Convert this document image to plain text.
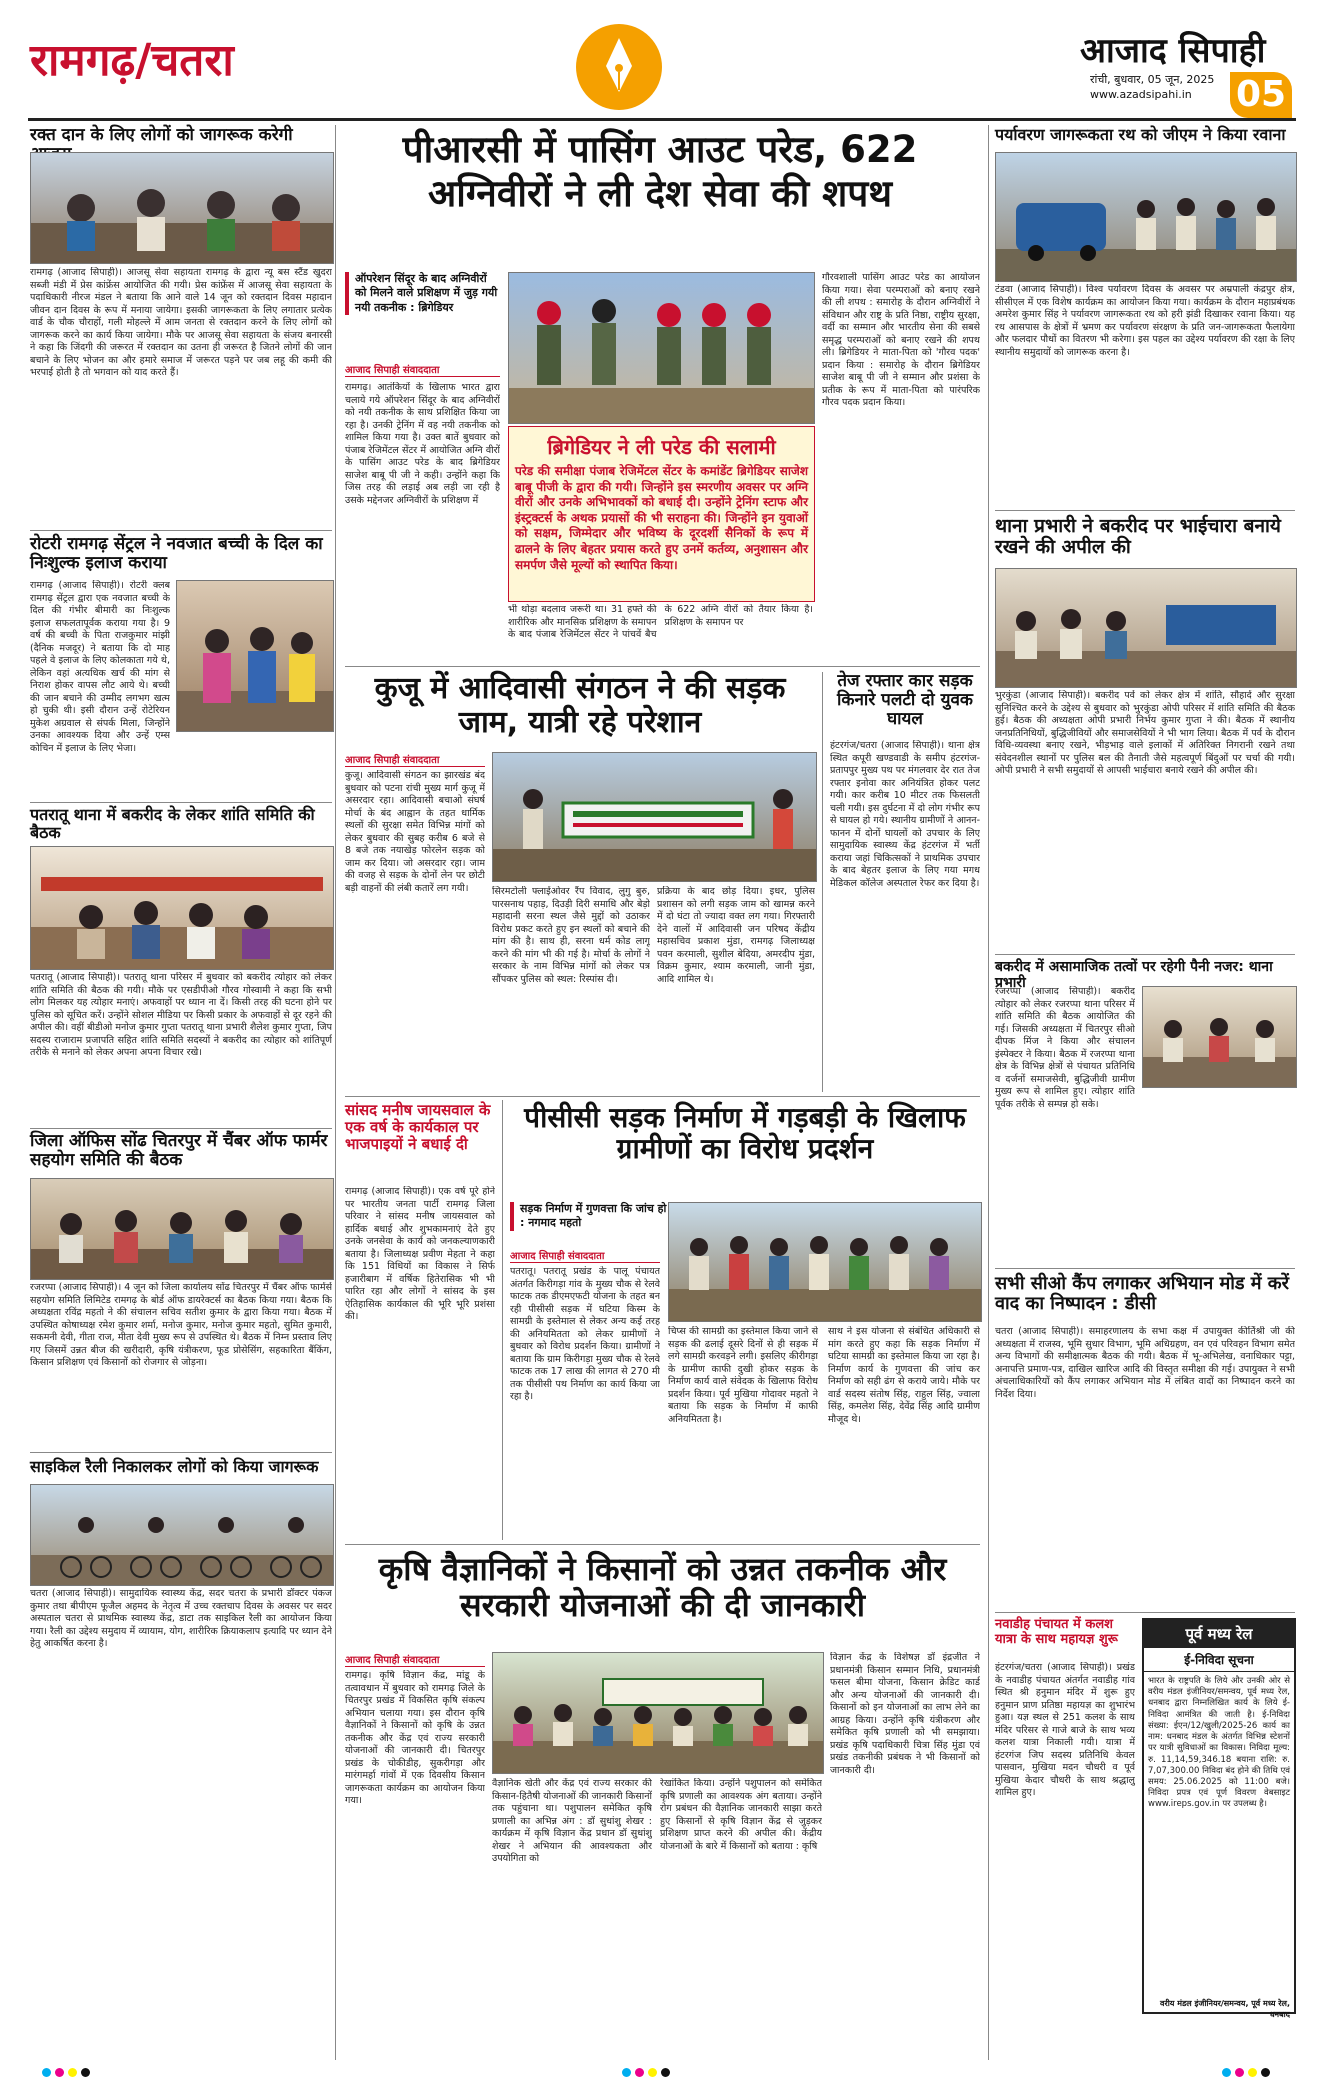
रामगढ़/चतरा	आजाद सिपाही
रांची, बुधवार, 05 जून, 2025
www.azadsipahi.in 05
रक्त दान के लिए लोगों को जागरूक करेगी
रामगढ़ (आजाद सिपाही)। आजसू सेवा सहायता रामगढ़ के द्वारा न्यू बस स्टैंड खुदरा सब्जी मंडी में प्रेस कांफ्रेंस आयोजित की गयी। प्रेस कांफ्रेंस में आजसू सेवा सहायता के पदाधिकारी नीरज मंडल ने बताया कि आने वाले 14 जून को रक्तदान दिवस महादान जीवन दान दिवस के रूप में मनाया जायेगा। इसकी जागरूकता के लिए लगातार प्रत्येक वार्ड के चौक चौराहों, गली मोहल्ले में आम जनता से रक्तदान करने के लिए लोगों को जागरूक करने का कार्य किया जायेगा। मौके पर आजसू सेवा सहायता के संजय बनारसी ने कहा कि जिंदगी की जरूरत में रक्तदान का उतना ही जरूरत है जितने लोगों की जान बचाने के लिए भोजन का और हमारे समाज में जरूरत पड़ने पर जब लहू की कमी की भरपाई होती है तो भगवान को याद करते हैं।
रोटरी रामगढ़ सेंट्रल ने नवजात बच्ची के दिल का निःशुल्क इलाज कराया
रामगढ़ (आजाद सिपाही)। रोटरी क्लब रामगढ़ सेंट्रल द्वारा एक नवजात बच्ची के दिल की गंभीर बीमारी का निःशुल्क इलाज सफलतापूर्वक कराया गया है। 9 वर्ष की बच्ची के पिता राजकुमार मांझी (दैनिक मजदूर) ने बताया कि दो माह पहले वे इलाज के लिए कोलकाता गये थे, लेकिन वहां अत्यधिक खर्च की मांग से निराश होकर वापस लौट आये थे। बच्ची की जान बचाने की उम्मीद लगभग खत्म हो चुकी थी। इसी दौरान उन्हें रोटेरियन मुकेश अग्रवाल से संपर्क मिला, जिन्होंने उनका आवश्यक दिया और उन्हें एम्स कोचिन में इलाज के लिए भेजा।
पतरातू थाना में बकरीद के लेकर शांति समिति की बैठक
पतरातू (आजाद सिपाही)। पतरातू थाना परिसर में बुधवार को बकरीद त्योहार को लेकर शांति समिति की बैठक की गयी। मौके पर एसडीपीओ गौरव गोस्वामी ने कहा कि सभी लोग मिलकर यह त्योहार मनाएं। अफवाहों पर ध्यान ना दें। किसी तरह की घटना होने पर पुलिस को सूचित करें। उन्होंने सोशल मीडिया पर किसी प्रकार के अफवाहों से दूर रहने की अपील की। वहीं बीडीओ मनोज कुमार गुप्ता पतरातू थाना प्रभारी शैलेश कुमार गुप्ता, जिप सदस्य राजाराम प्रजापति सहित शांति समिति सदस्यों ने बकरीद का त्योहार को शांतिपूर्ण तरीके से मनाने को लेकर अपना अपना विचार रखे।
जिला ऑफिस सोंढ चितरपुर में चैंबर ऑफ फार्मर सहयोग समिति की बैठक
रजरप्पा (आजाद सिपाही)। 4 जून को जिला कार्यालय सोंढ चितरपुर में चैंबर ऑफ फार्मर्स सहयोग समिति लिमिटेड रामगढ़ के बोर्ड ऑफ डायरेक्टर्स का बैठक किया गया। बैठक कि अध्यक्षता रविंद्र महतो ने की संचालन सचिव सतीश कुमार के द्वारा किया गया। बैठक में उपस्थित कोषाध्यक्ष रमेश कुमार शर्मा, मनोज कुमार, मनोज कुमार महतो, सुमित कुमारी, सकमनी देवी, गीता राज, मीता देवी मुख्य रूप से उपस्थित थे। बैठक में निम्न प्रस्ताव लिए गए जिसमें उन्नत बीज की खरीदारी, कृषि यंत्रीकरण, फूड प्रोसेसिंग, सहकारिता बैंकिंग, किसान प्रशिक्षण एवं किसानों को रोजगार से जोड़ना।
साइकिल रैली निकालकर लोगों को किया जागरूक
चतरा (आजाद सिपाही)। सामुदायिक स्वास्थ्य केंद्र, सदर चतरा के प्रभारी डॉक्टर पंकज कुमार तथा बीपीएम फूजैल अहमद के नेतृत्व में उच्च रक्तचाप दिवस के अवसर पर सदर अस्पताल चतरा से प्राथमिक स्वास्थ्य केंद्र, डाटा तक साइकिल रैली का आयोजन किया गया। रैली का उद्देश्य समुदाय में व्यायाम, योग, शारीरिक क्रियाकलाप इत्यादि पर ध्यान देने हेतु आकर्षित करना है।
पीआरसी में पासिंग आउट परेड, 622 अग्निवीरों ने ली देश सेवा की शपथ
ऑपरेशन सिंदूर के बाद अग्निवीरों को मिलने वाले प्रशिक्षण में जुड़ गयी नयी तकनीक : ब्रिगेडियर
आजाद सिपाही संवाददाता
रामगढ़। आतंकियों के खिलाफ भारत द्वारा चलाये गये ऑपरेशन सिंदूर के बाद अग्निवीरों को नयी तकनीक के साथ प्रशिक्षित किया जा रहा है। उनकी ट्रेनिंग में वह नयी तकनीक को शामिल किया गया है। उक्त बातें बुधवार को पंजाब रेजिमेंटल सेंटर में आयोजित अग्नि वीरों के पासिंग आउट परेड के बाद ब्रिगेडियर साजेश बाबू पी जी ने कही। उन्होंने कहा कि जिस तरह की लड़ाई अब लड़ी जा रही है उसके मद्देनजर अग्निवीरों के प्रशिक्षण में
ब्रिगेडियर ने ली परेड की सलामी
परेड की समीक्षा पंजाब रेजिमेंटल सेंटर के कमांडेंट ब्रिगेडियर साजेश बाबू पीजी के द्वारा की गयी। जिन्होंने इस स्मरणीय अवसर पर अग्नि वीरों और उनके अभिभावकों को बधाई दी। उन्होंने ट्रेनिंग स्टाफ और इंस्ट्रक्टर्स के अथक प्रयासों की भी सराहना की। जिन्होंने इन युवाओं को सक्षम, जिम्मेदार और भविष्य के दूरदर्शी सैनिकों के रूप में ढालने के लिए बेहतर प्रयास करते हुए उनमें कर्तव्य, अनुशासन और समर्पण जैसे मूल्यों को स्थापित किया।
भी थोड़ा बदलाव जरूरी था। 31 हफ्ते की शारीरिक और मानसिक प्रशिक्षण के समापन के बाद पंजाब रेजिमेंटल सेंटर ने पांचवें बैच के 622 अग्नि वीरों को तैयार किया है। प्रशिक्षण के समापन पर
गौरवशाली पासिंग आउट परेड का आयोजन किया गया। सेवा परम्पराओं को बनाए रखने की ली शपथ : समारोह के दौरान अग्निवीरों ने संविधान और राष्ट्र के प्रति निष्ठा, राष्ट्रीय सुरक्षा, वर्दी का सम्मान और भारतीय सेना की सबसे समृद्ध परम्पराओं को बनाए रखने की शपथ ली। ब्रिगेडियर ने माता-पिता को 'गौरव पदक' प्रदान किया : समारोह के दौरान ब्रिगेडियर साजेश बाबू पी जी ने सम्मान और प्रशंसा के प्रतीक के रूप में माता-पिता को पारंपरिक गौरव पदक प्रदान किया।
कुजू में आदिवासी संगठन ने की सड़क जाम, यात्री रहे परेशान
आजाद सिपाही संवाददाता
कुजू। आदिवासी संगठन का झारखंड बंद बुधवार को पटना रांची मुख्य मार्ग कुजू में असरदार रहा। आदिवासी बचाओ संघर्ष मोर्चा के बंद आह्वान के तहत धार्मिक स्थलों की सुरक्षा समेत विभिन्न मांगों को लेकर बुधवार की सुबह करीब 6 बजे से 8 बजे तक नयाखेड़ फोरलेन सड़क को जाम कर दिया। जो असरदार रहा। जाम की वजह से सड़क के दोनों लेन पर छोटी बड़ी वाहनों की लंबी कतारें लग गयी।	सिरमटोली फ्लाईओवर रैंप विवाद, लुगु बुरु, पारसनाथ पहाड़, दिउड़ी दिरी समाधि और बेड़ो महादानी सरना स्थल जैसे मुद्दों को उठाकर विरोध प्रकट करते हुए इन स्थलों को बचाने की मांग की है। साथ ही, सरना धर्म कोड लागू करने की मांग भी की गई है। मोर्चा के लोगों ने सरकार के नाम विभिन्न मांगों को लेकर पत्र सौंपकर पुलिस को स्थल: रिस्पांस दी।
प्रक्रिया के बाद छोड़ दिया। इधर, पुलिस प्रशासन को लगी सड़क जाम को खामन्न करने में दो घंटा तो ज्यादा वक्त लग गया। गिरफ्तारी देने वालों में आदिवासी जन परिषद केंद्रीय महासचिव प्रकाश मुंडा, रामगढ़ जिलाध्यक्ष पवन करमाली, सुशील बेदिया, अमरदीप मुंडा, विक्रम कुमार, श्याम करमाली, जानी मुंडा, आदि शामिल थे।
तेज रफ्तार कार सड़क किनारे पलटी दो युवक घायल
हंटरगंज/चतरा (आजाद सिपाही)। थाना क्षेत्र स्थित कपूरी खण्डवाडी के समीप हंटरगंज-प्रतापपुर मुख्य पथ पर मंगलवार देर रात तेज रफ्तार इनोवा कार अनियंत्रित होकर पलट गयी। कार करीब 10 मीटर तक फिसलती चली गयी। इस दुर्घटना में दो लोग गंभीर रूप से घायल हो गये। स्थानीय ग्रामीणों ने आनन-फानन में दोनों घायलों को उपचार के लिए सामुदायिक स्वास्थ्य केंद्र हंटरगंज में भर्ती कराया जहां चिकित्सकों ने प्राथमिक उपचार के बाद बेहतर इलाज के लिए गया मगध मेडिकल कॉलेज अस्पताल रेफर कर दिया है।
सांसद मनीष जायसवाल के एक वर्ष के कार्यकाल पर भाजपाइयों ने बधाई दी
रामगढ़ (आजाद सिपाही)। एक वर्ष पूरे होने पर भारतीय जनता पार्टी रामगढ़ जिला परिवार ने सांसद मनीष जायसवाल को हार्दिक बधाई और शुभकामनाएं देते हुए उनके जनसेवा के कार्य को जनकल्याणकारी बताया है। जिलाध्यक्ष प्रवीण मेहता ने कहा कि 151 विधियों का विकास ने सिर्फ हजारीबाग में वर्षिक हितेरासिक भी भी पारित रहा और लोगों ने सांसद के इस ऐतिहासिक कार्यकाल की भूरि भूरि प्रशंसा की।
पीसीसी सड़क निर्माण में गड़बड़ी के खिलाफ ग्रामीणों का विरोध प्रदर्शन
सड़क निर्माण में गुणवत्ता कि जांच हो : नगमाद महतो
आजाद सिपाही संवाददाता
पतरातू। पतरातू प्रखंड के पालू पंचायत अंतर्गत किरीगड़ा गांव के मुख्य चौक से रेलवे फाटक तक डीएमएफटी योजना के तहत बन रही पीसीसी सड़क में घटिया किस्म के सामग्री के इस्तेमाल से लेकर अन्य कई तरह की अनियमितता को लेकर ग्रामीणों ने बुधवार को विरोध प्रदर्शन किया। ग्रामीणों ने बताया कि ग्राम किरीगड़ा मुख्य चौक से रेलवे फाटक तक 17 लाख की लागत से 270 मी तक पीसीसी पथ निर्माण का कार्य किया जा रहा है।
चिप्स की सामग्री का इस्तेमाल किया जाने से सड़क की ढलाई दूसरे दिनों से ही सड़क में लगे सामग्री करवड़ने लगी। इसलिए कीरीगड़ा के ग्रामीण काफी दुखी होकर सड़क के निर्माण कार्य वाले संवेदक के खिलाफ विरोध प्रदर्शन किया। पूर्व मुखिया गोदावर महतो ने बताया कि सड़क के निर्माण में काफी अनियमितता है।
साथ ने इस योजना से संबंधित अधिकारी से मांग करते हुए कहा कि सड़क निर्माण में घटिया सामग्री का इस्तेमाल किया जा रहा है। निर्माण कार्य के गुणवत्ता की जांच कर निर्माण को सही ढंग से कराये जाये। मौके पर वार्ड सदस्य संतोष सिंह, राहुल सिंह, ज्वाला सिंह, कमलेश सिंह, देवेंद्र सिंह आदि ग्रामीण मौजूद थे।
कृषि वैज्ञानिकों ने किसानों को उन्नत तकनीक और सरकारी योजनाओं की दी जानकारी
आजाद सिपाही संवाददाता
रामगढ़। कृषि विज्ञान केंद्र, मांडू के तत्वावधान में बुधवार को रामगढ़ जिले के चितरपुर प्रखंड में विकसित कृषि संकल्प अभियान चलाया गया। इस दौरान कृषि वैज्ञानिकों ने किसानों को कृषि के उन्नत तकनीक और केंद्र एवं राज्य सरकारी योजनाओं की जानकारी दी। चितरपुर प्रखंड के चोकीडीह, सुकरीगड़ा और मारंगमर्हा गांवों में एक दिवसीय किसान जागरूकता कार्यक्रम का आयोजन किया गया।
वैज्ञानिक खेती और केंद्र एवं राज्य सरकार की किसान-हितैषी योजनाओं की जानकारी किसानों तक पहुंचाना था। पशुपालन समेकित कृषि प्रणाली का अभिन्न अंग : डॉ सुधांशु शेखर : कार्यक्रम में कृषि विज्ञान केंद्र प्रधान डॉ सुधांशु शेखर ने अभियान की आवश्यकता और उपयोगिता को
रेखांकित किया। उन्होंने पशुपालन को समेकित कृषि प्रणाली का आवश्यक अंग बताया। उन्होंने रोग प्रबंधन की वैज्ञानिक जानकारी साझा करते हुए किसानों से कृषि विज्ञान केंद्र से जुड़कर प्रशिक्षण प्राप्त करने की अपील की। केंद्रीय योजनाओं के बारे में किसानों को बताया : कृषि
विज्ञान केंद्र के विशेषज्ञ डॉ इंद्रजीत ने प्रधानमंत्री किसान सम्मान निधि, प्रधानमंत्री फसल बीमा योजना, किसान क्रेडिट कार्ड और अन्य योजनाओं की जानकारी दी। किसानों को इन योजनाओं का लाभ लेने का आग्रह किया। उन्होंने कृषि यंत्रीकरण और समेकित कृषि प्रणाली को भी समझाया। प्रखंड कृषि पदाधिकारी चित्रा सिंह मुंडा एवं प्रखंड तकनीकी प्रबंधक ने भी किसानों को जानकारी दी।
पर्यावरण जागरूकता रथ को जीएम ने किया रवाना
टंडवा (आजाद सिपाही)। विश्व पर्यावरण दिवस के अवसर पर अम्रपाली कंद्रपुर क्षेत्र, सीसीएल में एक विशेष कार्यक्रम का आयोजन किया गया। कार्यक्रम के दौरान महाप्रबंधक अमरेश कुमार सिंह ने पर्यावरण जागरूकता रथ को हरी झंडी दिखाकर रवाना किया। यह रथ आसपास के क्षेत्रों में भ्रमण कर पर्यावरण संरक्षण के प्रति जन-जागरूकता फैलायेगा और फलदार पौधों का वितरण भी करेगा। इस पहल का उद्देश्य पर्यावरण की रक्षा के लिए स्थानीय समुदायों को जागरूक करना है।
थाना प्रभारी ने बकरीद पर भाईचारा बनाये रखने की अपील की
भुरकुंडा (आजाद सिपाही)। बकरीद पर्व को लेकर क्षेत्र में शांति, सौहार्द और सुरक्षा सुनिश्चित करने के उद्देश्य से बुधवार को भुरकुंडा ओपी परिसर में शांति समिति की बैठक हुई। बैठक की अध्यक्षता ओपी प्रभारी निर्भय कुमार गुप्ता ने की। बैठक में स्थानीय जनप्रतिनिधियों, बुद्धिजीवियों और समाजसेवियों ने भी भाग लिया। बैठक में पर्व के दौरान विधि-व्यवस्था बनाए रखने, भीड़भाड़ वाले इलाकों में अतिरिक्त निगरानी रखने तथा संवेदनशील स्थानों पर पुलिस बल की तैनाती जैसे महत्वपूर्ण बिंदुओं पर चर्चा की गयी। ओपी प्रभारी ने सभी समुदायों से आपसी भाईचारा बनाये रखने की अपील की।
बकरीद में असामाजिक तत्वों पर रहेगी पैनी नजर: थाना प्रभारी
रजरप्पा (आजाद सिपाही)। बकरीद त्योहार को लेकर रजरप्पा थाना परिसर में शांति समिति की बैठक आयोजित की गई। जिसकी अध्यक्षता में चितरपुर सीओ दीपक मिंज ने किया और संचालन इंस्पेक्टर ने किया। बैठक में रजरप्पा थाना क्षेत्र के विभिन्न क्षेत्रों से पंचायत प्रतिनिधि व दर्जनों समाजसेवी, बुद्धिजीवी ग्रामीण मुख्य रूप से शामिल हुए। त्योहार शांति पूर्वक तरीके से सम्पन्न हो सके।
सभी सीओ कैंप लगाकर अभियान मोड में करें वाद का निष्पादन : डीसी
चतरा (आजाद सिपाही)। समाहरणालय के सभा कक्ष में उपायुक्त कीर्तिश्री जी की अध्यक्षता में राजस्व, भूमि सुधार विभाग, भूमि अधिग्रहण, वन एवं परिवहन विभाग समेत अन्य विभागों की समीक्षात्मक बैठक की गयी। बैठक में भू-अभिलेख, वनाधिकार पट्टा, अनापत्ति प्रमाण-पत्र, दाखिल खारिज आदि की विस्तृत समीक्षा की गई। उपायुक्त ने सभी अंचलाधिकारियों को कैंप लगाकर अभियान मोड में लंबित वादों का निष्पादन करने का निर्देश दिया।
नवाडीह पंचायत में कलश यात्रा के साथ महायज्ञ शुरू
हंटरगंज/चतरा (आजाद सिपाही)। प्रखंड के नवाडीह पंचायत अंतर्गत नवाडीह गांव स्थित श्री हनुमान मंदिर में शुरू हुए हनुमान प्राण प्रतिष्ठा महायज्ञ का शुभारंभ हुआ। यज्ञ स्थल से 251 कलश के साथ मंदिर परिसर से गाजे बाजे के साथ भव्य कलश यात्रा निकाली गयी। यात्रा में हंटरगंज जिप सदस्य प्रतिनिधि केवल पासवान, मुखिया मदन चौधरी व पूर्व मुखिया केदार चौधरी के साथ श्रद्धालु शामिल हुए।
पूर्व मध्य रेल
ई-निविदा सूचना
भारत के राष्ट्रपति के लिये और उनकी ओर से वरीय मंडल इंजीनियर/समन्वय, पूर्व मध्य रेल, धनबाद द्वारा निम्नलिखित कार्य के लिये ई-निविदा आमंत्रित की जाती है। ई-निविदा संख्या: ईएन/12/खुली/2025-26 कार्य का नाम: धनबाद मंडल के अंतर्गत विभिन्न स्टेशनों पर यात्री सुविधाओं का विकास। निविदा मूल्य: रु. 11,14,59,346.18 बयाना राशि: रु. 7,07,300.00 निविदा बंद होने की तिथि एवं समय: 25.06.2025 को 11:00 बजे। निविदा प्रपत्र एवं पूर्ण विवरण वेबसाइट www.ireps.gov.in पर उपलब्ध है।
वरीय मंडल इंजीनियर/समन्वय, पूर्व मध्य रेल, धनबाद
